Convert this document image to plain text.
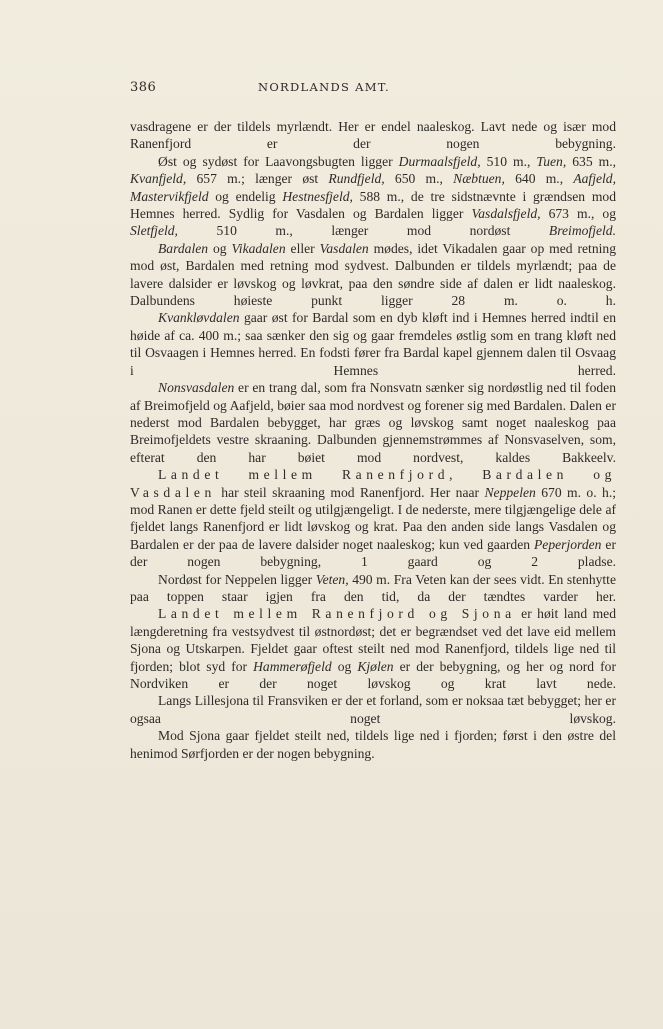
386	NORDLANDS AMT.

vasdragene er der tildels myrlændt. Her er endel naaleskog. Lavt nede og især mod Ranenfjord er der nogen bebygning.

Øst og sydøst for Laavongsbugten ligger Durmaalsfjeld, 510 m., Tuen, 635 m., Kvanfjeld, 657 m.; længer øst Rundfjeld, 650 m., Næbtuen, 640 m., Aafjeld, Mastervikfjeld og endelig Hestnesfjeld, 588 m., de tre sidstnævnte i grændsen mod Hemnes herred. Sydlig for Vasdalen og Bardalen ligger Vasdalsfjeld, 673 m., og Sletfjeld, 510 m., længer mod nordøst Breimofjeld.

Bardalen og Vikadalen eller Vasdalen mødes, idet Vikadalen gaar op med retning mod øst, Bardalen med retning mod sydvest. Dalbunden er tildels myrlændt; paa de lavere dalsider er løvskog og løvkrat, paa den søndre side af dalen er lidt naaleskog. Dalbundens høieste punkt ligger 28 m. o. h.

Kvankløvdalen gaar øst for Bardal som en dyb kløft ind i Hemnes herred indtil en høide af ca. 400 m.; saa sænker den sig og gaar fremdeles østlig som en trang kløft ned til Osvaagen i Hemnes herred. En fodsti fører fra Bardal kapel gjennem dalen til Osvaag i Hemnes herred.

Nonsvasdalen er en trang dal, som fra Nonsvatn sænker sig nordøstlig ned til foden af Breimofjeld og Aafjeld, bøier saa mod nordvest og forener sig med Bardalen. Dalen er nederst mod Bardalen bebygget, har græs og løvskog samt noget naaleskog paa Breimofjeldets vestre skraaning. Dalbunden gjennemstrømmes af Nonsvaselven, som, efterat den har bøiet mod nordvest, kaldes Bakkeelv.

Landet mellem Ranenfjord, Bardalen og Vasdalen har steil skraaning mod Ranenfjord. Her naar Neppelen 670 m. o. h.; mod Ranen er dette fjeld steilt og utilgjængeligt. I de nederste, mere tilgjængelige dele af fjeldet langs Ranenfjord er lidt løvskog og krat. Paa den anden side langs Vasdalen og Bardalen er der paa de lavere dalsider noget naaleskog; kun ved gaarden Peperjorden er der nogen bebygning, 1 gaard og 2 pladse.

Nordøst for Neppelen ligger Veten, 490 m. Fra Veten kan der sees vidt. En stenhytte paa toppen staar igjen fra den tid, da der tændtes varder her.

Landet mellem Ranenfjord og Sjona er høit land med længderetning fra vestsydvest til østnordøst; det er begrændset ved det lave eid mellem Sjona og Utskarpen. Fjeldet gaar oftest steilt ned mod Ranenfjord, tildels lige ned til fjorden; blot syd for Hammerøfjeld og Kjølen er der bebygning, og her og nord for Nordviken er der noget løvskog og krat lavt nede.

Langs Lillesjona til Fransviken er der et forland, som er noksaa tæt bebygget; her er ogsaa noget løvskog.

Mod Sjona gaar fjeldet steilt ned, tildels lige ned i fjorden; først i den østre del henimod Sørfjorden er der nogen bebygning.
